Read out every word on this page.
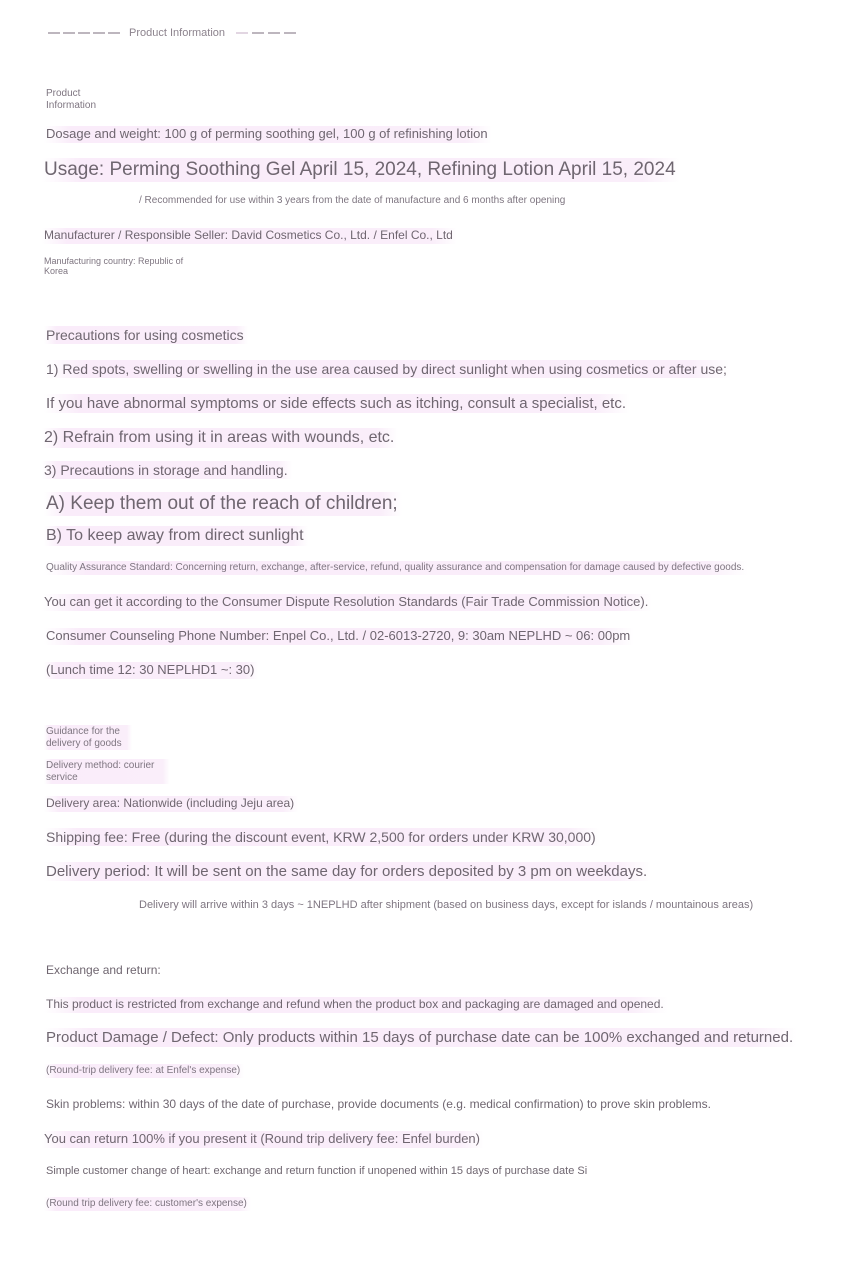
Product Information
Product
Information
Dosage and weight: 100 g of perming soothing gel, 100 g of refinishing lotion
Usage: Perming Soothing Gel April 15, 2024, Refining Lotion April 15, 2024
/ Recommended for use within 3 years from the date of manufacture and 6 months after opening
Manufacturer / Responsible Seller: David Cosmetics Co., Ltd. / Enfel Co., Ltd
Manufacturing country: Republic of Korea
Precautions for using cosmetics
1) Red spots, swelling or swelling in the use area caused by direct sunlight when using cosmetics or after use;
If you have abnormal symptoms or side effects such as itching, consult a specialist, etc.
2) Refrain from using it in areas with wounds, etc.
3) Precautions in storage and handling.
A) Keep them out of the reach of children;
B) To keep away from direct sunlight
Quality Assurance Standard: Concerning return, exchange, after-service, refund, quality assurance and compensation for damage caused by defective goods.
You can get it according to the Consumer Dispute Resolution Standards (Fair Trade Commission Notice).
Consumer Counseling Phone Number: Enpel Co., Ltd. / 02-6013-2720, 9: 30am NEPLHD ~ 06: 00pm
(Lunch time 12: 30 NEPLHD1 ~: 30)
Guidance for the delivery of goods
Delivery method: courier service
Delivery area: Nationwide (including Jeju area)
Shipping fee: Free (during the discount event, KRW 2,500 for orders under KRW 30,000)
Delivery period: It will be sent on the same day for orders deposited by 3 pm on weekdays.
Delivery will arrive within 3 days ~ 1NEPLHD after shipment (based on business days, except for islands / mountainous areas)
Exchange and return:
This product is restricted from exchange and refund when the product box and packaging are damaged and opened.
Product Damage / Defect: Only products within 15 days of purchase date can be 100% exchanged and returned.
(Round-trip delivery fee: at Enfel's expense)
Skin problems: within 30 days of the date of purchase, provide documents (e.g. medical confirmation) to prove skin problems.
You can return 100% if you present it (Round trip delivery fee: Enfel burden)
Simple customer change of heart: exchange and return function if unopened within 15 days of purchase date Si
(Round trip delivery fee: customer's expense)
